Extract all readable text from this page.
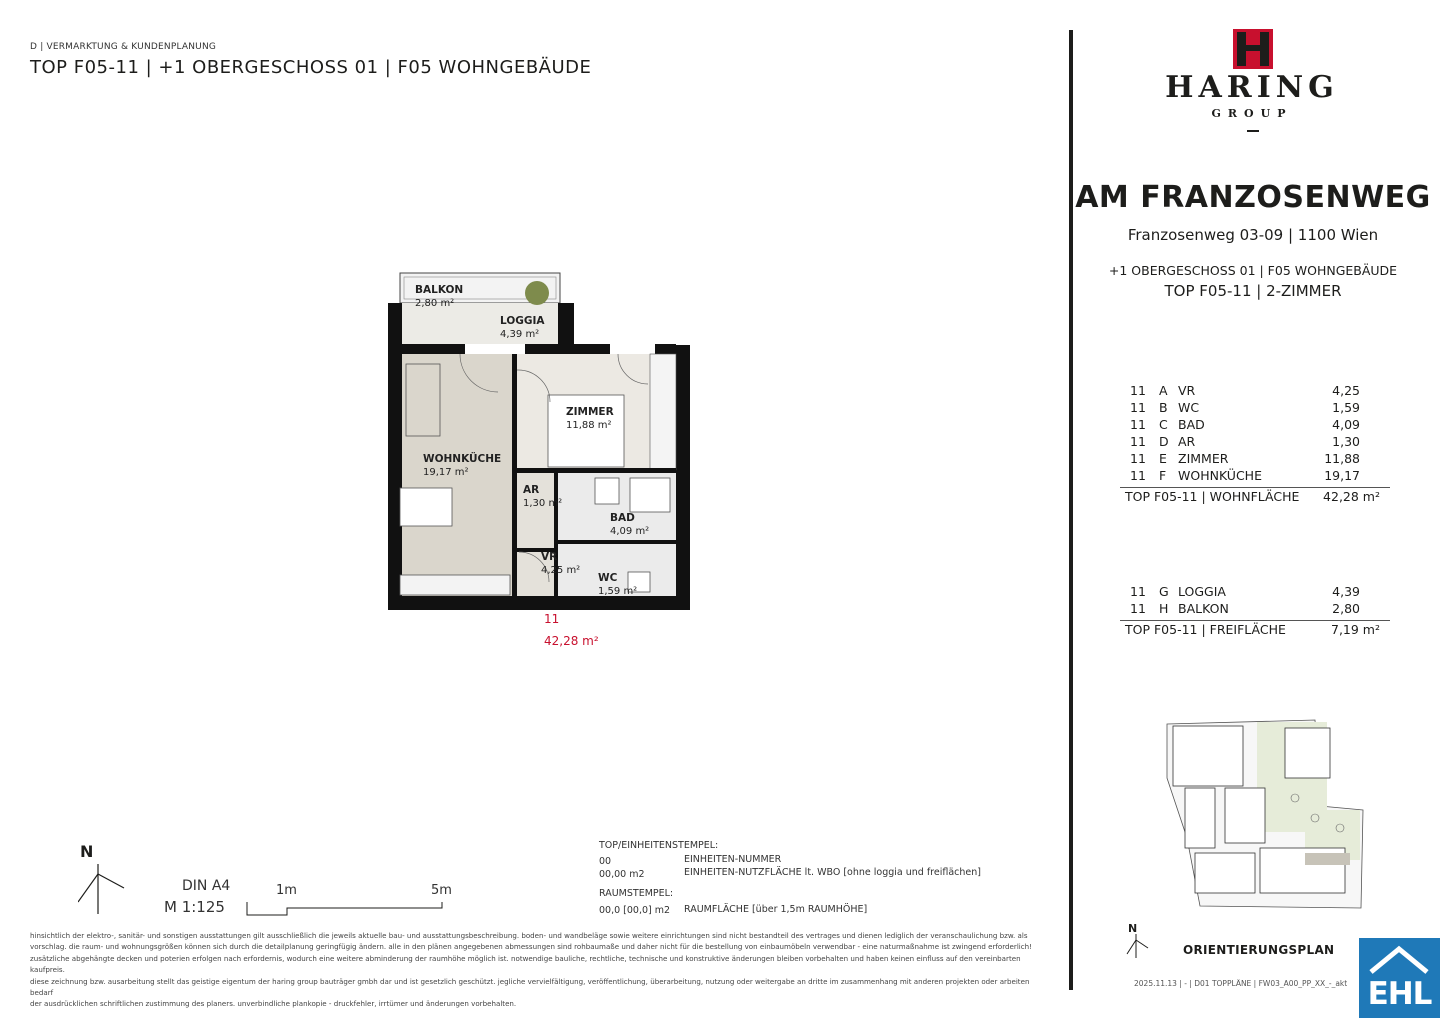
D | VERMARKTUNG & KUNDENPLANUNG
TOP F05-11 | +1 OBERGESCHOSS 01 | F05 WOHNGEBÄUDE
BALKON
2,80 m²
LOGGIA
4,39 m²
ZIMMER
11,88 m²
WOHNKÜCHE
19,17 m²
AR
1,30 m²
BAD
4,09 m²
VR
4,25 m²
WC
1,59 m²
11
42,28 m²
N
DIN A4
M 1:125
1m	5m
TOP/EINHEITENSTEMPEL:
00	EINHEITEN-NUMMER
00,00 m2	EINHEITEN-NUTZFLÄCHE lt. WBO [ohne loggia und freiflächen]
RAUMSTEMPEL:
00,0 [00,0] m2 RAUMFLÄCHE [über 1,5m RAUMHÖHE]
hinsichtlich der elektro-, sanitär- und sonstigen ausstattungen gilt ausschließlich die jeweils aktuelle bau- und ausstattungsbeschreibung. boden- und wandbeläge sowie weitere einrichtungen sind nicht bestandteil des vertrages und dienen lediglich der veranschaulichung bzw. als
vorschlag. die raum- und wohnungsgrößen können sich durch die detailplanung geringfügig ändern. alle in den plänen angegebenen abmessungen sind rohbaumaße und daher nicht für die bestellung von einbaumöbeln verwendbar - eine naturmaßnahme ist zwingend erforderlich!
zusätzliche abgehängte decken und poterien erfolgen nach erfordernis, wodurch eine weitere abminderung der raumhöhe möglich ist. notwendige bauliche, rechtliche, technische und konstruktive änderungen bleiben vorbehalten und haben keinen einfluss auf den vereinbarten kaufpreis.
diese zeichnung bzw. ausarbeitung stellt das geistige eigentum der haring group bauträger gmbh dar und ist gesetzlich geschützt. jegliche vervielfältigung, veröffentlichung, überarbeitung, nutzung oder weitergabe an dritte im zusammenhang mit anderen projekten oder arbeiten bedarf
der ausdrücklichen schriftlichen zustimmung des planers. unverbindliche plankopie - druckfehler, irrtümer und änderungen vorbehalten.
HARING
GROUP
AM FRANZOSENWEG
Franzosenweg 03-09 | 1100 Wien
+1 OBERGESCHOSS 01 | F05 WOHNGEBÄUDE
TOP F05-11 | 2-ZIMMER
11 A VR	4,25
11 B WC	1,59
11 C BAD	4,09
11 D AR	1,30
11 E ZIMMER	11,88
11 F WOHNKÜCHE	19,17
TOP F05-11 | WOHNFLÄCHE 42,28 m²
11 G LOGGIA	4,39
11 H BALKON	2,80
TOP F05-11 | FREIFLÄCHE	7,19 m²
N
ORIENTIERUNGSPLAN
2025.11.13 | - | D01 TOPPLÄNE | FW03_A00_PP_XX_-_akt EHL
